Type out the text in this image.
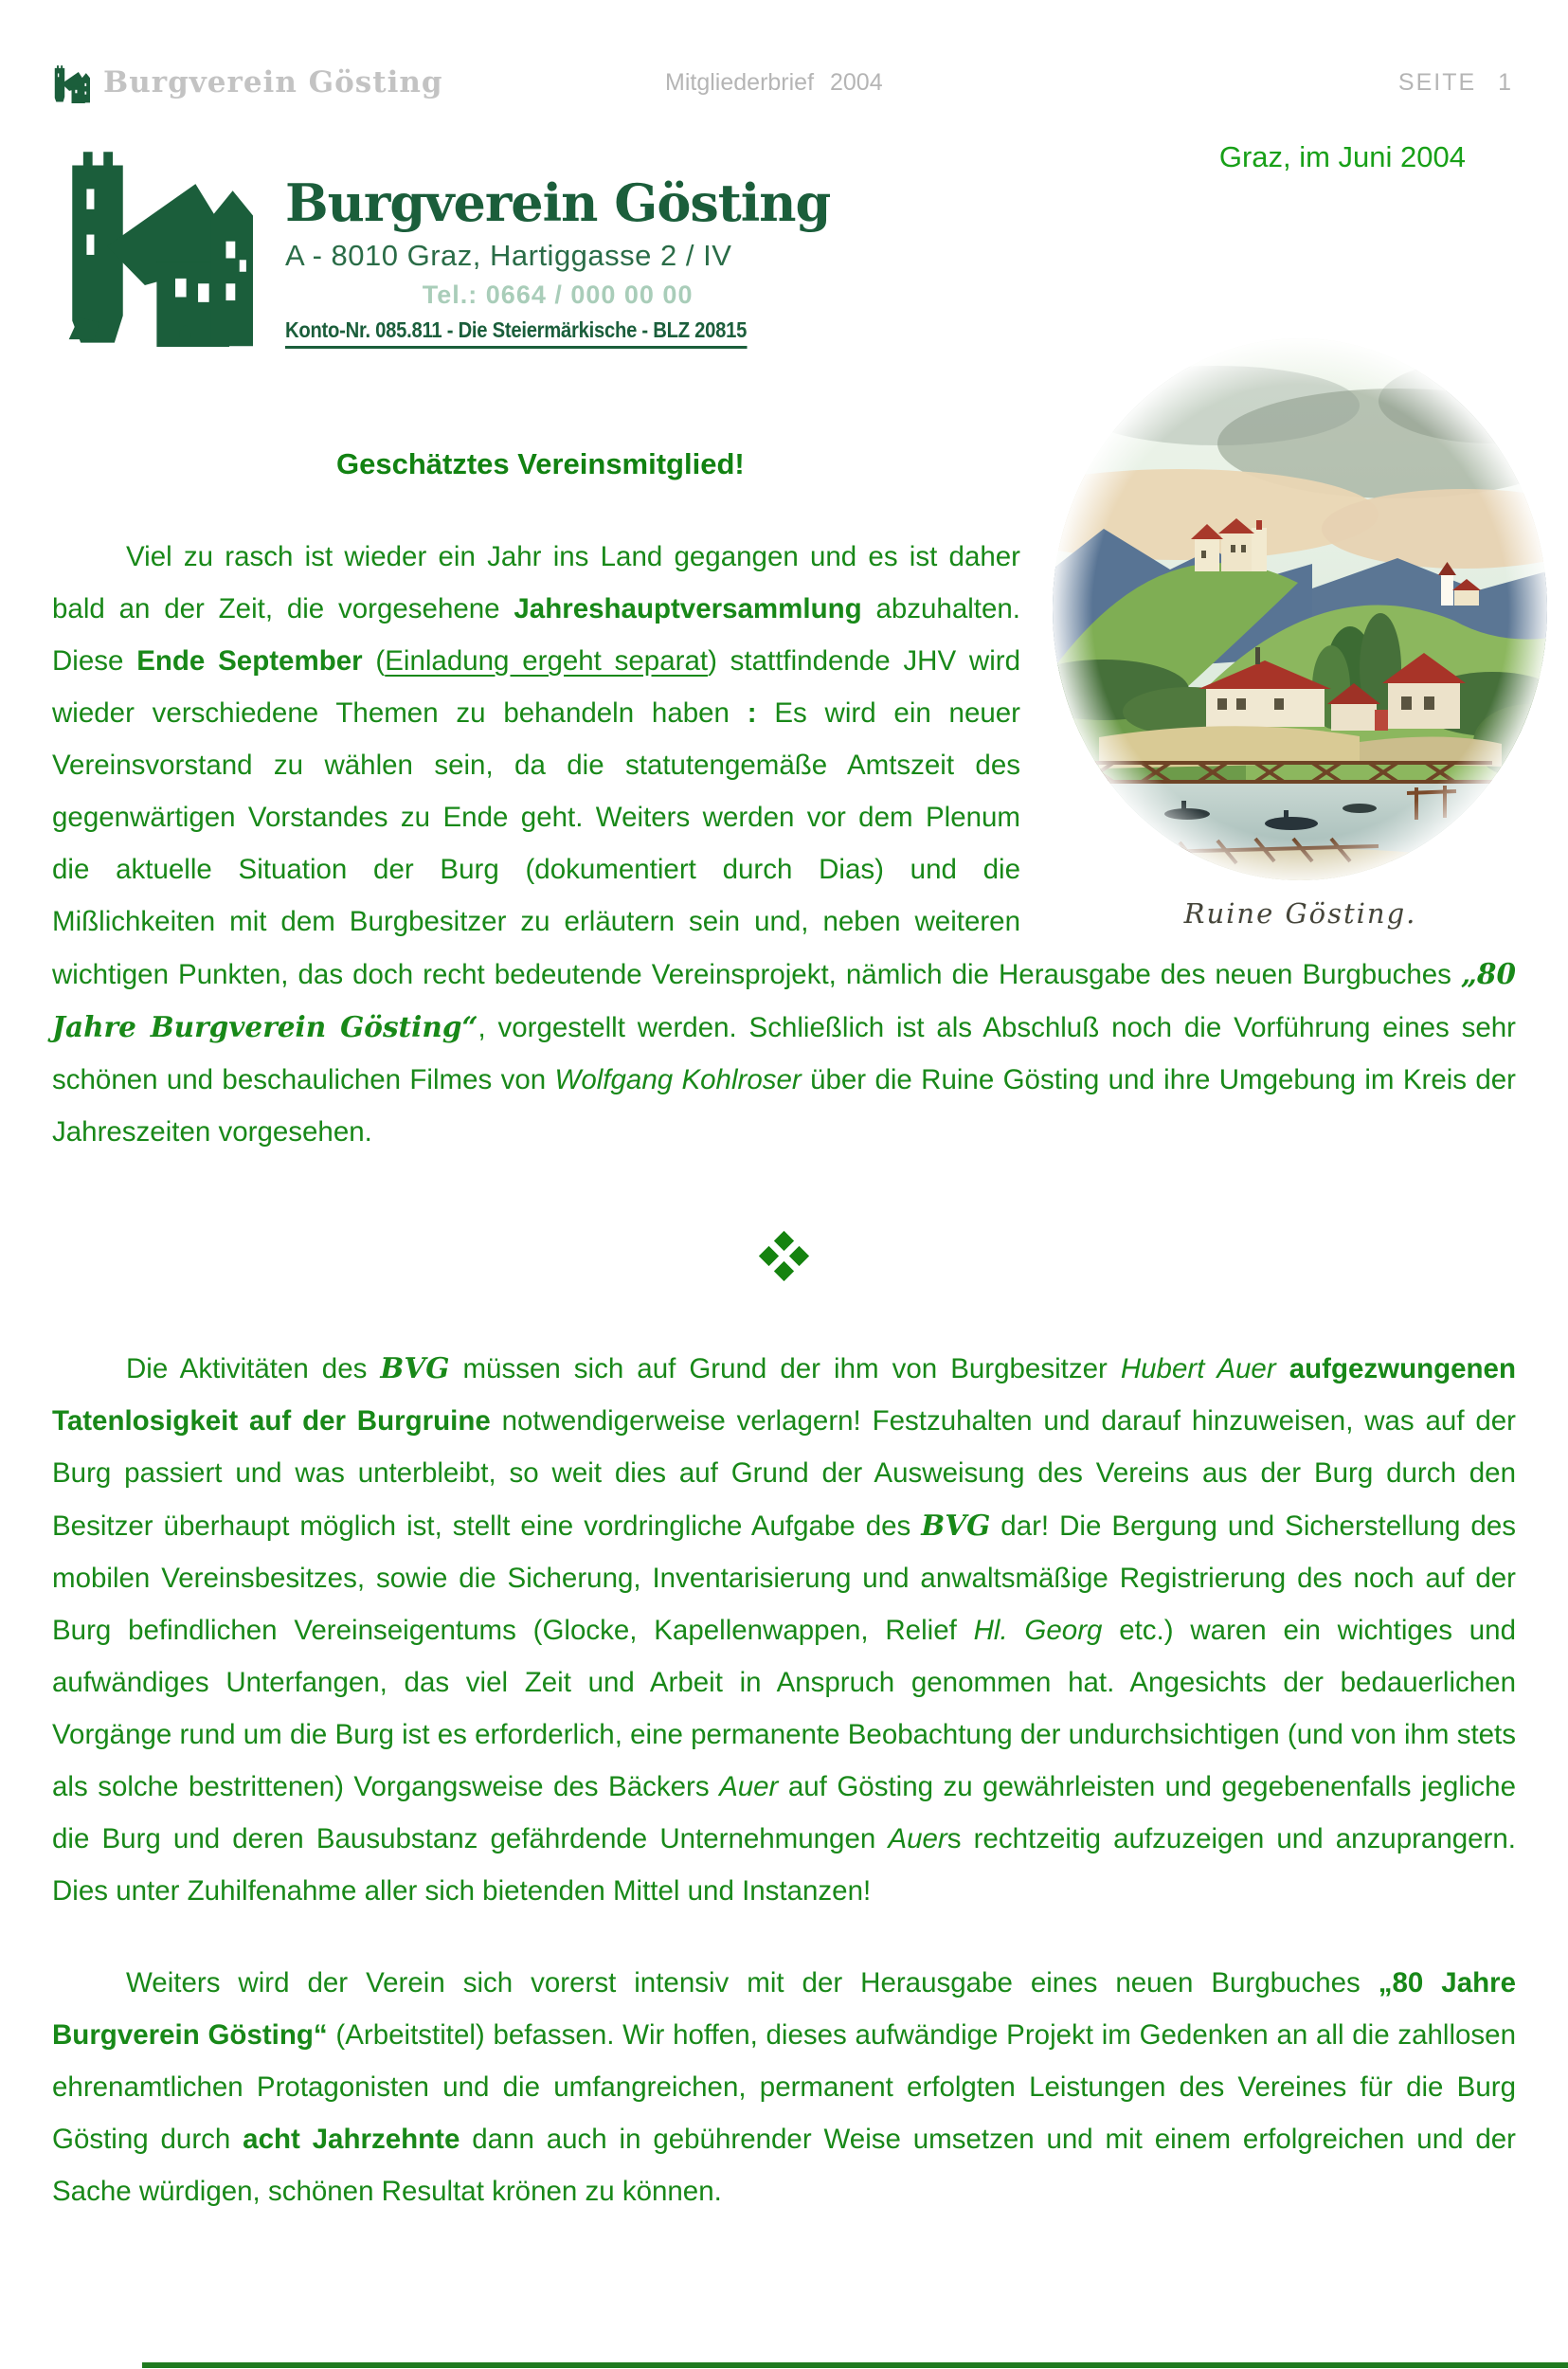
Burgverein Gösting	Mitgliederbrief 2004	SEITE 1
Graz, im Juni 2004
Burgverein Gösting
A - 8010 Graz, Hartiggasse 2 / IV
Tel.: 0664 / 000 00 00
Konto-Nr. 085.811 - Die Steiermärkische - BLZ 20815
Ruine Gösting.
Geschätztes Vereinsmitglied!

Viel zu rasch ist wieder ein Jahr ins Land gegangen und es ist daher bald an der Zeit, die vorgesehene Jahreshauptversammlung abzuhalten. Diese Ende September (Einladung ergeht separat) stattfindende JHV wird wieder verschiedene Themen zu behandeln haben : Es wird ein neuer Vereinsvorstand zu wählen sein, da die statutengemäße Amtszeit des gegenwärtigen Vorstandes zu Ende geht. Weiters werden vor dem Plenum die aktuelle Situation der Burg (dokumentiert durch Dias) und die Mißlichkeiten mit dem Burgbesitzer zu erläutern sein und, neben weiteren wichtigen Punkten, das doch recht bedeutende Vereinsprojekt, nämlich die Herausgabe des neuen Burgbuches „80 Jahre Burgverein Gösting“, vorgestellt werden. Schließlich ist als Abschluß noch die Vorführung eines sehr schönen und beschaulichen Filmes von Wolfgang Kohlroser über die Ruine Gösting und ihre Umgebung im Kreis der Jahreszeiten vorgesehen.

Die Aktivitäten des BVG müssen sich auf Grund der ihm von Burgbesitzer Hubert Auer aufgezwungenen Tatenlosigkeit auf der Burgruine notwendigerweise verlagern! Festzuhalten und darauf hinzuweisen, was auf der Burg passiert und was unterbleibt, so weit dies auf Grund der Ausweisung des Vereins aus der Burg durch den Besitzer überhaupt möglich ist, stellt eine vordringliche Aufgabe des BVG dar! Die Bergung und Sicherstellung des mobilen Vereinsbesitzes, sowie die Sicherung, Inventarisierung und anwaltsmäßige Registrierung des noch auf der Burg befindlichen Vereinseigentums (Glocke, Kapellenwappen, Relief Hl. Georg etc.) waren ein wichtiges und aufwändiges Unterfangen, das viel Zeit und Arbeit in Anspruch genommen hat. Angesichts der bedauerlichen Vorgänge rund um die Burg ist es erforderlich, eine permanente Beobachtung der undurchsichtigen (und von ihm stets als solche bestrittenen) Vorgangsweise des Bäckers Auer auf Gösting zu gewährleisten und gegebenenfalls jegliche die Burg und deren Bausubstanz gefährdende Unternehmungen Auers rechtzeitig aufzuzeigen und anzuprangern. Dies unter Zuhilfenahme aller sich bietenden Mittel und Instanzen!

Weiters wird der Verein sich vorerst intensiv mit der Herausgabe eines neuen Burgbuches „80 Jahre Burgverein Gösting“ (Arbeitstitel) befassen. Wir hoffen, dieses aufwändige Projekt im Gedenken an all die zahllosen ehrenamtlichen Protagonisten und die umfangreichen, permanent erfolgten Leistungen des Vereines für die Burg Gösting durch acht Jahrzehnte dann auch in gebührender Weise umsetzen und mit einem erfolgreichen und der Sache würdigen, schönen Resultat krönen zu können.
